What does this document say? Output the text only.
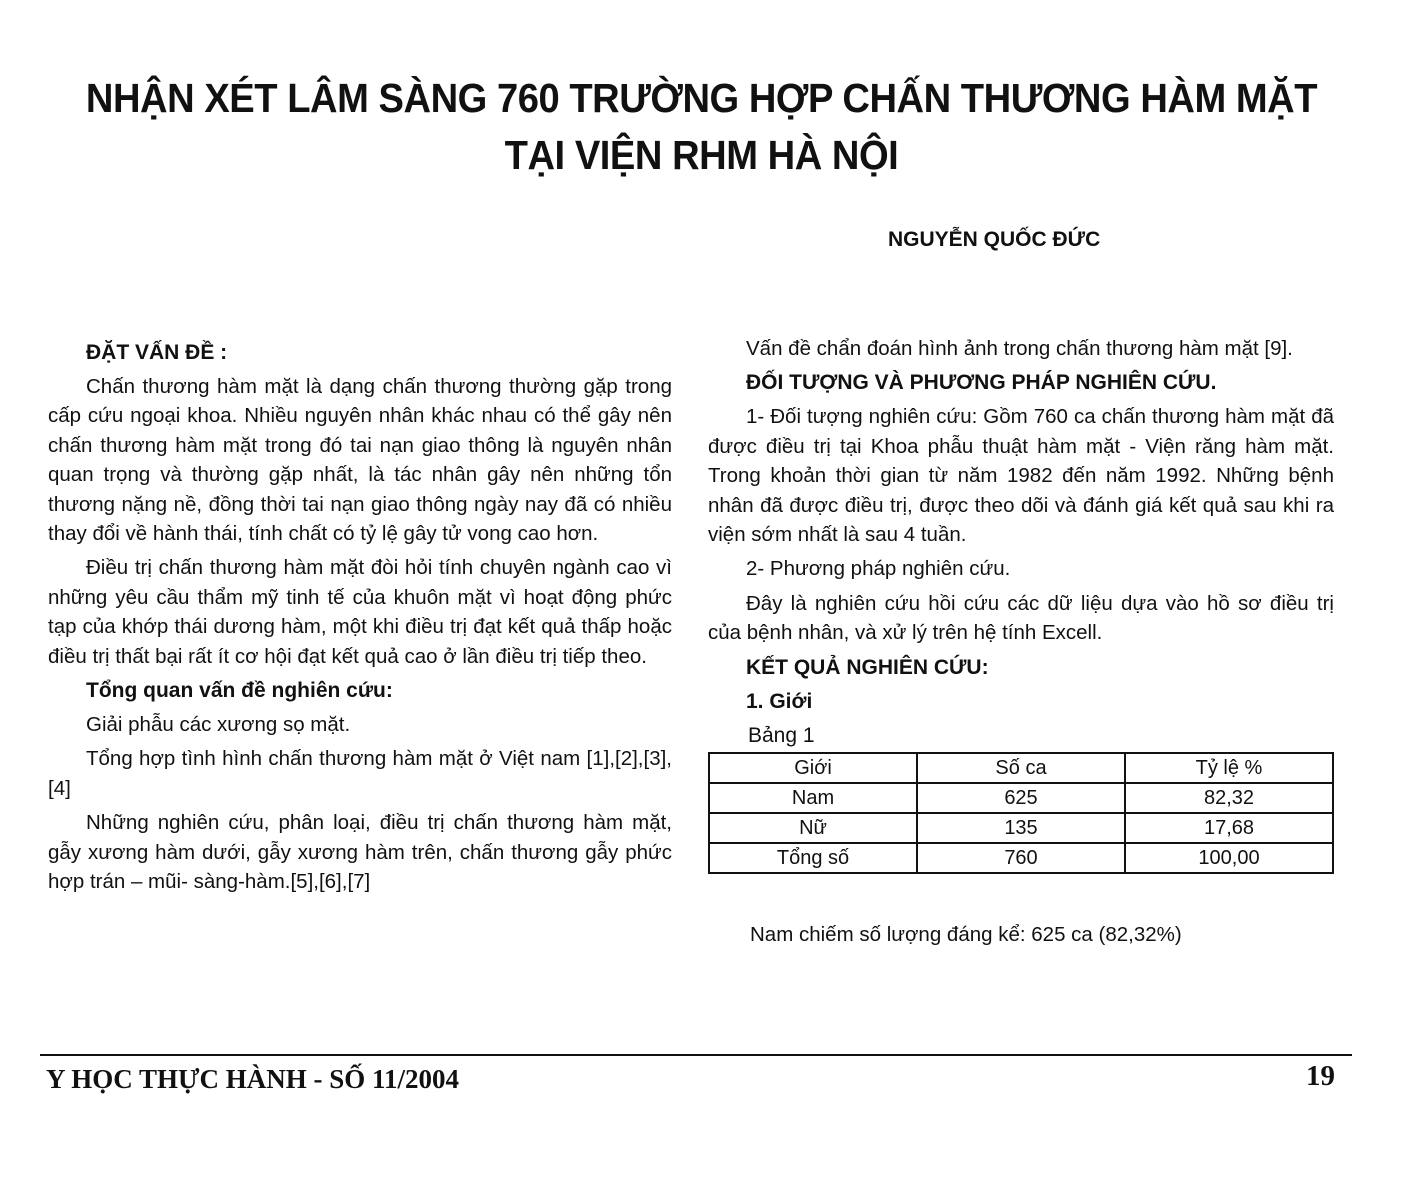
NHẬN XÉT LÂM SÀNG 760 TRƯỜNG HỢP CHẤN THƯƠNG HÀM MẶT
TẠI VIỆN RHM HÀ NỘI
NGUYỄN QUỐC ĐỨC
ĐẶT VẤN ĐỀ :

Chấn thương hàm mặt là dạng chấn thương thường gặp trong cấp cứu ngoại khoa. Nhiều nguyên nhân khác nhau có thể gây nên chấn thương hàm mặt trong đó tai nạn giao thông là nguyên nhân quan trọng và thường gặp nhất, là tác nhân gây nên những tổn thương nặng nề, đồng thời tai nạn giao thông ngày nay đã có nhiều thay đổi về hành thái, tính chất có tỷ lệ gây tử vong cao hơn.

Điều trị chấn thương hàm mặt đòi hỏi tính chuyên ngành cao vì những yêu cầu thẩm mỹ tinh tế của khuôn mặt vì hoạt động phức tạp của khớp thái dương hàm, một khi điều trị đạt kết quả thấp hoặc điều trị thất bại rất ít cơ hội đạt kết quả cao ở lần điều trị tiếp theo.

Tổng quan vấn đề nghiên cứu:

Giải phẫu các xương sọ mặt.

Tổng hợp tình hình chấn thương hàm mặt ở Việt nam [1],[2],[3],[4]

Những nghiên cứu, phân loại, điều trị chấn thương hàm mặt, gẫy xương hàm dưới, gẫy xương hàm trên, chấn thương gẫy phức hợp trán – mũi- sàng-hàm.[5],[6],[7]

Vấn đề chẩn đoán hình ảnh trong chấn thương hàm mặt [9].

ĐỐI TƯỢNG VÀ PHƯƠNG PHÁP NGHIÊN CỨU.

1- Đối tượng nghiên cứu: Gồm 760 ca chấn thương hàm mặt đã được điều trị tại Khoa phẫu thuật hàm mặt - Viện răng hàm mặt. Trong khoản thời gian từ năm 1982 đến năm 1992. Những bệnh nhân đã được điều trị, được theo dõi và đánh giá kết quả sau khi ra viện sớm nhất là sau 4 tuần.

2- Phương pháp nghiên cứu.

Đây là nghiên cứu hồi cứu các dữ liệu dựa vào hồ sơ điều trị của bệnh nhân, và xử lý trên hệ tính Excell.

KẾT QUẢ NGHIÊN CỨU:
1. Giới
Bảng 1
Giới	Số ca	Tỷ lệ %
Nam	625	82,32
Nữ	135	17,68
Tổng số	760	100,00

Nam chiếm số lượng đáng kể: 625 ca (82,32%)

Y HỌC THỰC HÀNH - SỐ 11/2004	19
